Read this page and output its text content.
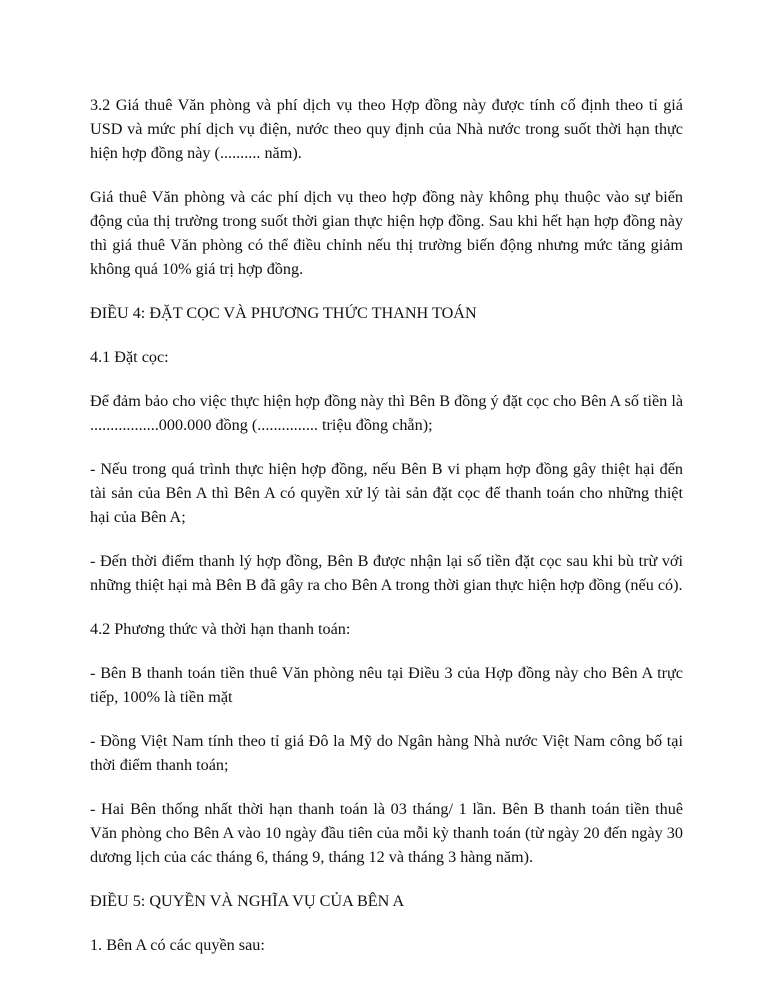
3.2 Giá thuê Văn phòng và phí dịch vụ theo Hợp đồng này được tính cố định theo tỉ giá USD và mức phí dịch vụ điện, nước theo quy định của Nhà nước trong suốt thời hạn thực hiện hợp đồng này (.......... năm).

Giá thuê Văn phòng và các phí dịch vụ theo hợp đồng này không phụ thuộc vào sự biến động của thị trường trong suốt thời gian thực hiện hợp đồng. Sau khi hết hạn hợp đồng này thì giá thuê Văn phòng có thể điều chỉnh nếu thị trường biến động nhưng mức tăng giảm không quá 10% giá trị hợp đồng.

ĐIỀU 4: ĐẶT CỌC VÀ PHƯƠNG THỨC THANH TOÁN

4.1 Đặt cọc:

Để đảm bảo cho việc thực hiện hợp đồng này thì Bên B đồng ý đặt cọc cho Bên A số tiền là .................000.000 đồng (............... triệu đồng chẵn);

- Nếu trong quá trình thực hiện hợp đồng, nếu Bên B vi phạm hợp đồng gây thiệt hại đến tài sản của Bên A thì Bên A có quyền xử lý tài sản đặt cọc để thanh toán cho những thiệt hại của Bên A;

- Đến thời điểm thanh lý hợp đồng, Bên B được nhận lại số tiền đặt cọc sau khi bù trừ với những thiệt hại mà Bên B đã gây ra cho Bên A trong thời gian thực hiện hợp đồng (nếu có).

4.2 Phương thức và thời hạn thanh toán:

- Bên B thanh toán tiền thuê Văn phòng nêu tại Điều 3 của Hợp đồng này cho Bên A trực tiếp, 100% là tiền mặt

- Đồng Việt Nam tính theo tỉ giá Đô la Mỹ do Ngân hàng Nhà nước Việt Nam công bố tại thời điểm thanh toán;

- Hai Bên thống nhất thời hạn thanh toán là 03 tháng/ 1 lần. Bên B thanh toán tiền thuê Văn phòng cho Bên A vào 10 ngày đầu tiên của mỗi kỳ thanh toán (từ ngày 20 đến ngày 30 dương lịch của các tháng 6, tháng 9, tháng 12 và tháng 3 hàng năm).

ĐIỀU 5: QUYỀN VÀ NGHĨA VỤ CỦA BÊN A

1. Bên A có các quyền sau:
